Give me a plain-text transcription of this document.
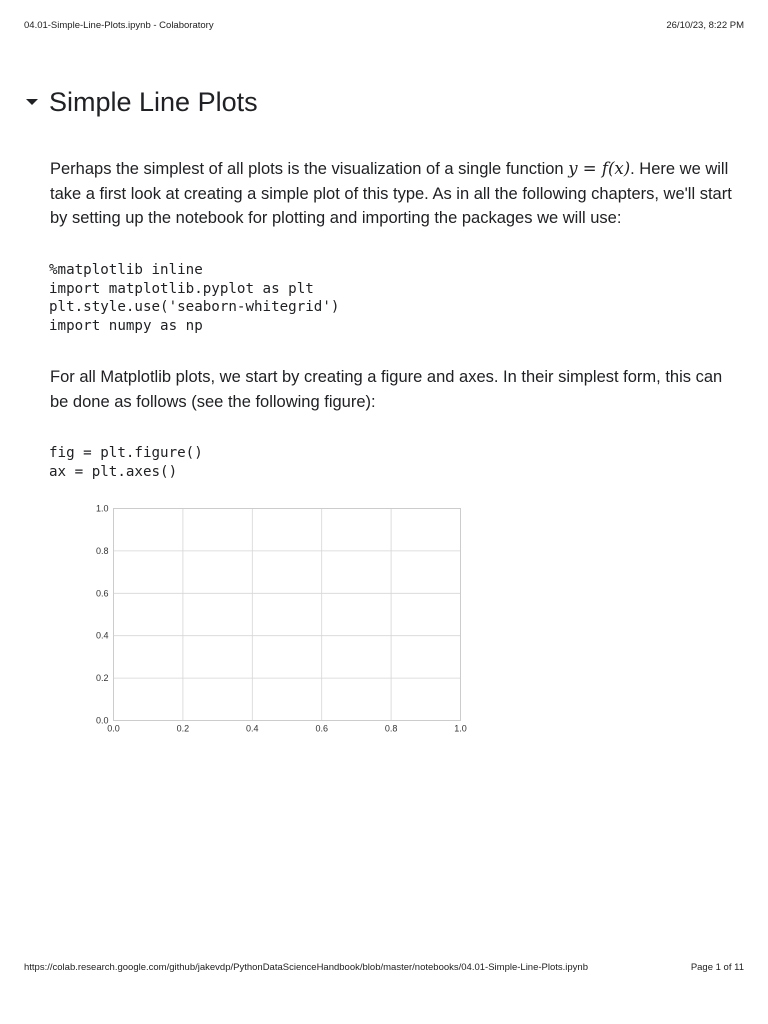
04.01-Simple-Line-Plots.ipynb - Colaboratory	26/10/23, 8:22 PM
Simple Line Plots

Perhaps the simplest of all plots is the visualization of a single function y = f(x). Here we will take a first look at creating a simple plot of this type. As in all the following chapters, we'll start by setting up the notebook for plotting and importing the packages we will use:

%matplotlib inline
import matplotlib.pyplot as plt
plt.style.use('seaborn-whitegrid')
import numpy as np

For all Matplotlib plots, we start by creating a figure and axes. In their simplest form, this can be done as follows (see the following figure):

fig = plt.figure()
ax = plt.axes()
0.0
0.2
0.4
0.6
0.8
1.0
0.0	0.2	0.4	0.6	0.8	1.0
https://colab.research.google.com/github/jakevdp/PythonDataScienceHandbook/blob/master/notebooks/04.01-Simple-Line-Plots.ipynb	Page 1 of 11
